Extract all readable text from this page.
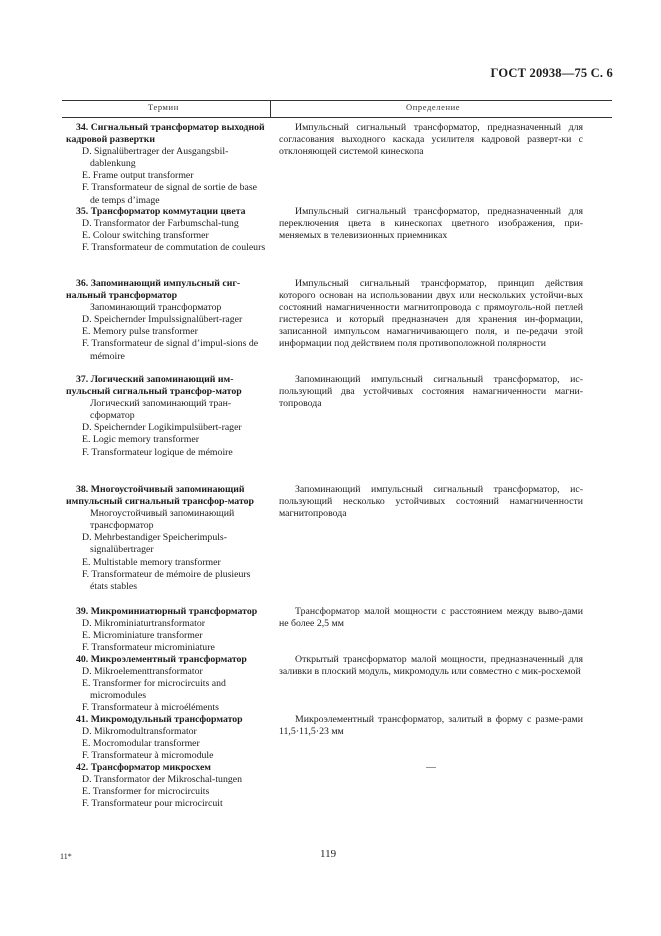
ГОСТ 20938—75 С. 6
Термин	Определение
34. Сигнальный трансформатор выходной кадровой развертки
D. Signalübertrager der Ausgangsbil-dablenkung
E. Frame output transformer
F. Transformateur de signal de sortie de base de temps d’image
Импульсный сигнальный трансформатор, предназначенный для согласования выходного каскада усилителя кадровой разверт-ки с отклоняющей системой кинескопа
35. Трансформатор коммутации цвета
D. Transformator der Farbumschal-tung
E. Colour switching transformer
F. Transformateur de commutation de couleurs
Импульсный сигнальный трансформатор, предназначенный для переключения цвета в кинескопах цветного изображения, при-меняемых в телевизионных приемниках
36. Запоминающий импульсный сиг-нальный трансформатор
Запоминающий трансформатор
D. Speichernder Impulssignalübert-rager
E. Memory pulse transformer
F. Transformateur de signal d’impul-sions de mémoire
Импульсный сигнальный трансформатор, принцип действия которого основан на использовании двух или нескольких устойчи-вых состояний намагниченности магнитопровода с прямоуголь-ной петлей гистерезиса и который предназначен для хранения ин-формации, записанной импульсом намагничивающего поля, и пе-редачи этой информации под действием поля противоположной полярности
37. Логический запоминающий им-пульсный сигнальный трансфор-матор
Логический запоминающий тран-сформатор
D. Speichernder Logikimpulsübert-rager
E. Logic memory transformer
F. Transformateur logique de mémoire
Запоминающий импульсный сигнальный трансформатор, ис-пользующий два устойчивых состояния намагниченности магни-топровода
38. Многоустойчивый запоминающий импульсный сигнальный трансфор-матор
Многоустойчивый запоминающий трансформатор
D. Mehrbestandiger Speicherimpuls-signalübertrager
E. Multistable memory transformer
F. Transformateur de mémoire de plusieurs états stables
Запоминающий импульсный сигнальный трансформатор, ис-пользующий несколько устойчивых состояний намагниченности магнитопровода
39. Микроминиатюрный трансформатор
D. Mikrominiaturtransformator
E. Microminiature transformer
F. Transformateur microminiature
Трансформатор малой мощности с расстоянием между выво-дами не более 2,5 мм
40. Микроэлементный трансформатор
D. Mikroelementtransformator
E. Transformer for microcircuits and micromodules
F. Transformateur à microéléments
Открытый трансформатор малой мощности, предназначенный для заливки в плоский модуль, микромодуль или совместно с мик-росхемой
41. Микромодульный трансформатор
D. Mikromodultransformator
E. Mocromodular transformer
F. Transformateur à micromodule
Микроэлементный трансформатор, залитый в форму с разме-рами 11,5·11,5·23 мм
42. Трансформатор микросхем
D. Transformator der Mikroschal-tungen
E. Transformer for microcircuits
F. Transformateur pour microcircuit
—
11*	119
